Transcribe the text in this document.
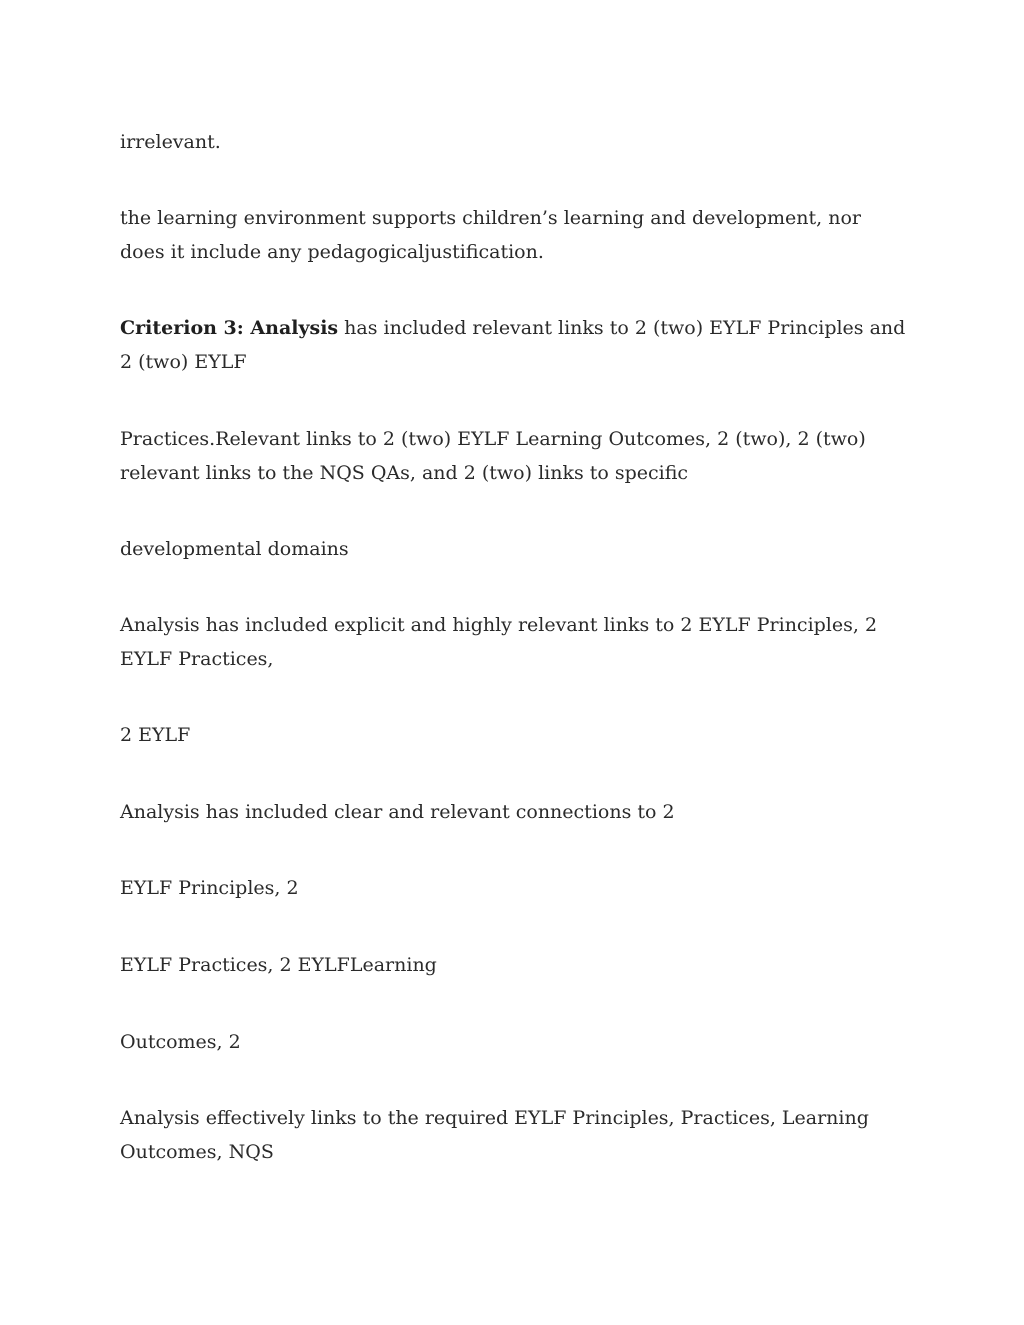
irrelevant.

the learning environment supports children’s learning and development, nor does it include any pedagogicaljustification.

Criterion 3: Analysis has included relevant links to 2 (two) EYLF Principles and 2 (two) EYLF

Practices.Relevant links to 2 (two) EYLF Learning Outcomes, 2 (two), 2 (two) relevant links to the NQS QAs, and 2 (two) links to specific

developmental domains

Analysis has included explicit and highly relevant links to 2 EYLF Principles, 2 EYLF Practices,

2 EYLF

Analysis has included clear and relevant connections to 2

EYLF Principles, 2

EYLF Practices, 2 EYLFLearning

Outcomes, 2

Analysis effectively links to the required EYLF Principles, Practices, Learning Outcomes, NQS
